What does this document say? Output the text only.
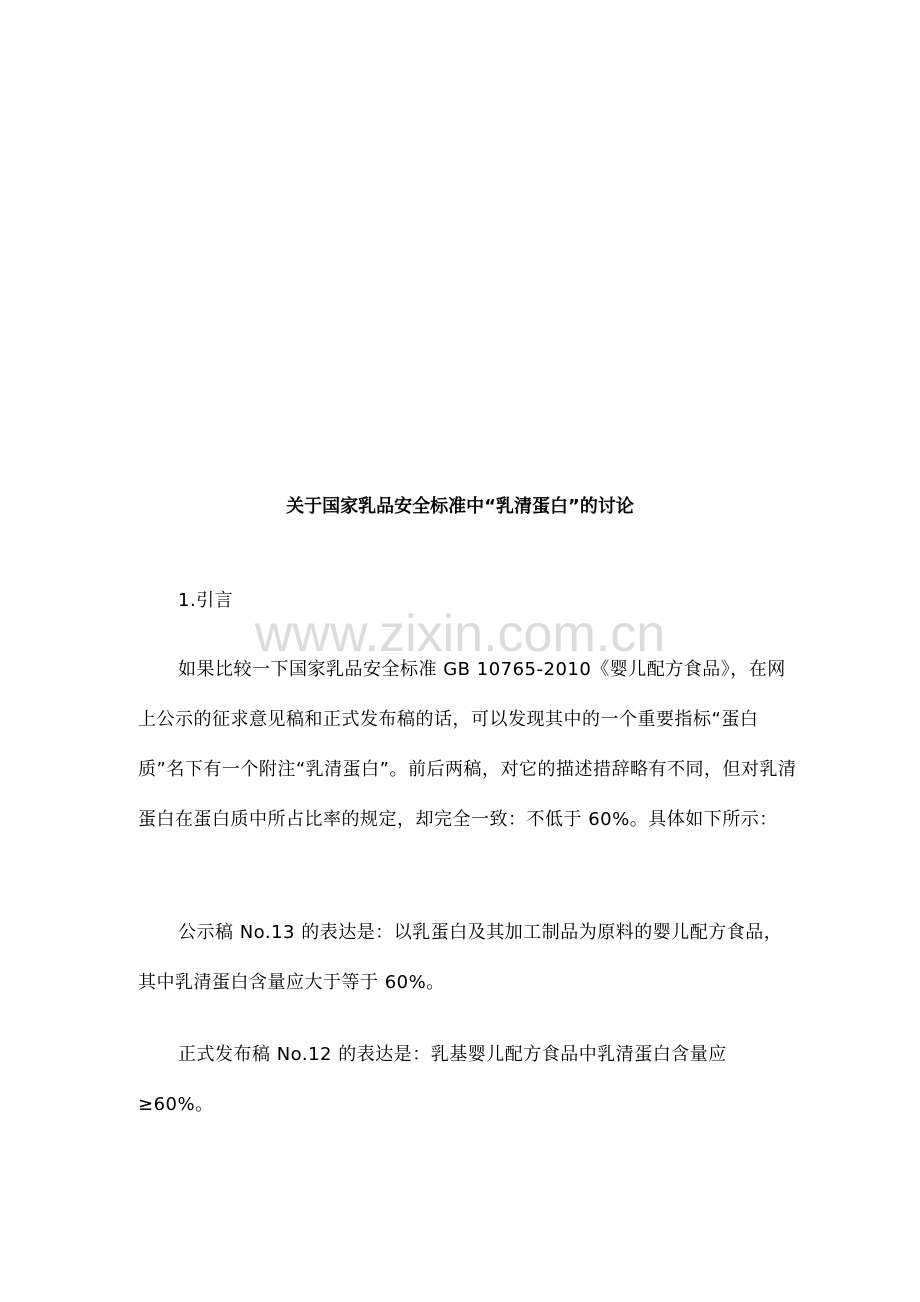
关于国家乳品安全标准中“乳清蛋白”的讨论
www.zixin.com.cn
1.引言
如果比较一下国家乳品安全标准 GB 10765-2010《婴儿配方食品》，在网上公示的征求意见稿和正式发布稿的话，可以发现其中的一个重要指标“蛋白质”名下有一个附注“乳清蛋白”。前后两稿，对它的描述措辞略有不同，但对乳清蛋白在蛋白质中所占比率的规定，却完全一致：不低于 60%。具体如下所示：
公示稿 No.13 的表达是：以乳蛋白及其加工制品为原料的婴儿配方食品，其中乳清蛋白含量应大于等于 60%。
正式发布稿 No.12 的表达是：乳基婴儿配方食品中乳清蛋白含量应≥60%。
